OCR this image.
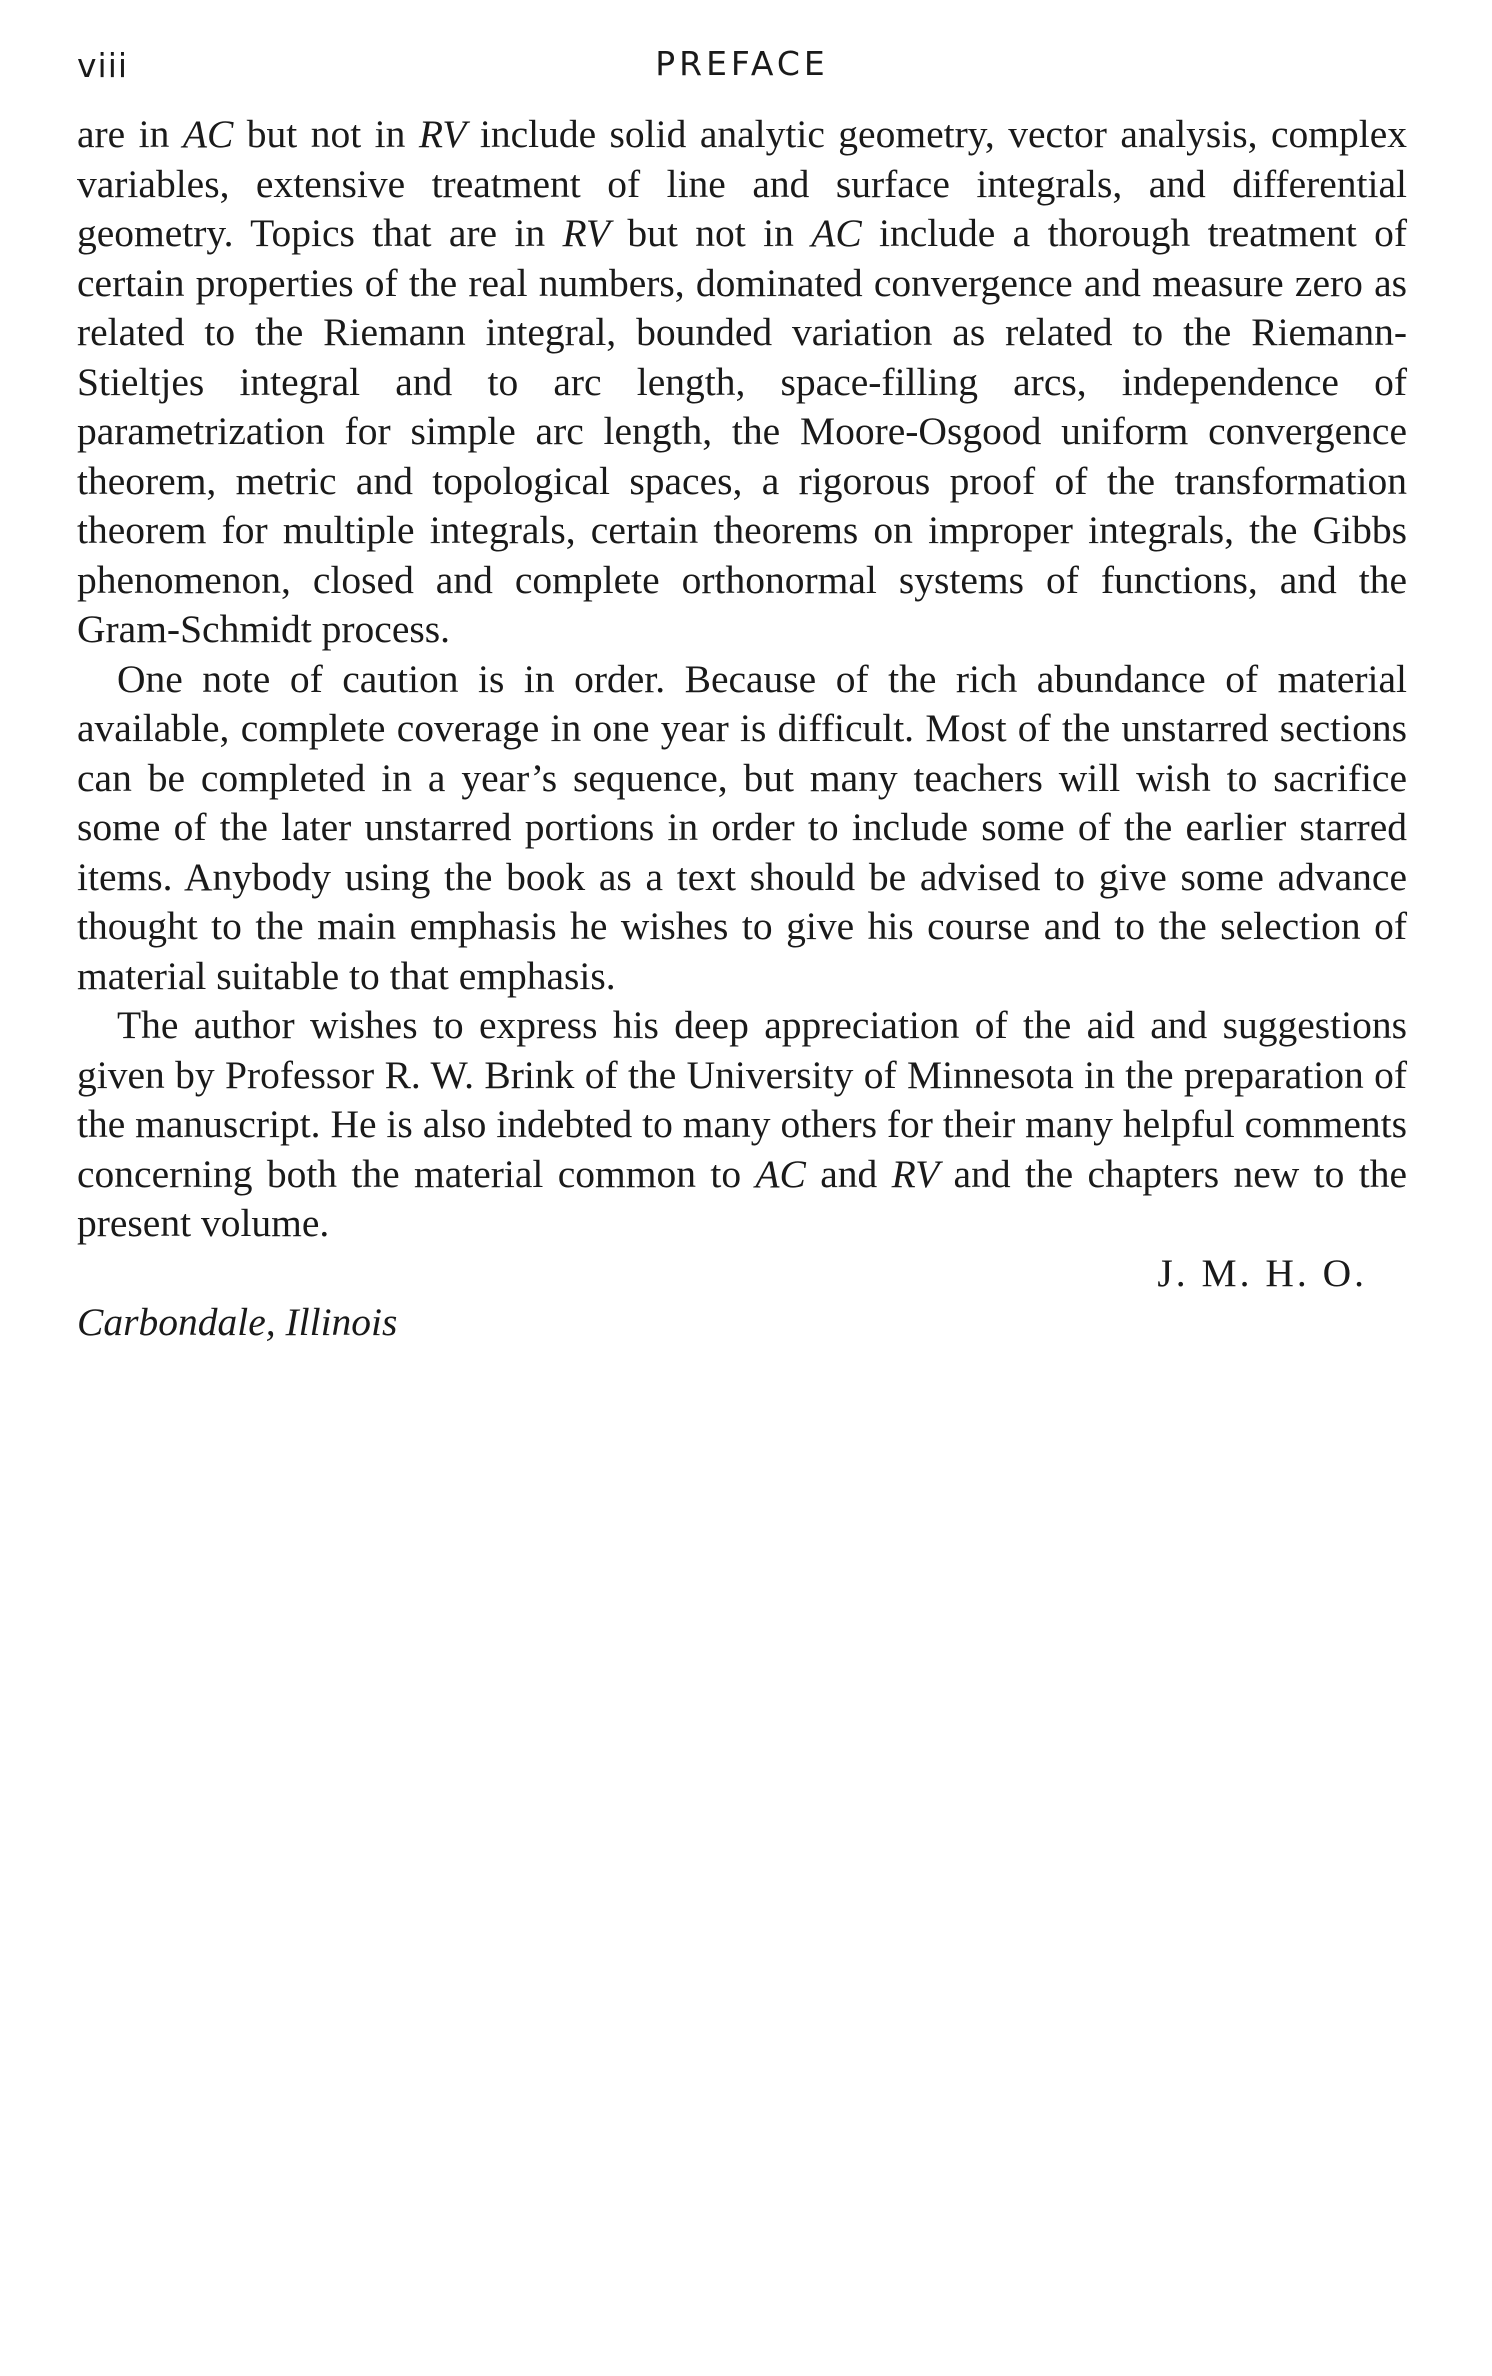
viii	PREFACE

are in AC but not in RV include solid analytic geometry, vector analysis, complex variables, extensive treatment of line and surface integrals, and differential geometry. Topics that are in RV but not in AC include a thorough treatment of certain properties of the real numbers, dominated convergence and measure zero as related to the Riemann integral, bounded variation as related to the Riemann-Stieltjes integral and to arc length, space-filling arcs, independence of parametrization for simple arc length, the Moore-Osgood uniform convergence theorem, metric and topological spaces, a rigorous proof of the transformation theorem for multiple integrals, certain theorems on improper integrals, the Gibbs phenomenon, closed and complete orthonormal systems of functions, and the Gram-Schmidt process.

One note of caution is in order. Because of the rich abundance of material available, complete coverage in one year is difficult. Most of the unstarred sections can be completed in a year’s sequence, but many teachers will wish to sacrifice some of the later unstarred portions in order to include some of the earlier starred items. Anybody using the book as a text should be advised to give some advance thought to the main emphasis he wishes to give his course and to the selection of material suitable to that emphasis.

The author wishes to express his deep appreciation of the aid and suggestions given by Professor R. W. Brink of the University of Minnesota in the preparation of the manuscript. He is also indebted to many others for their many helpful comments concerning both the material common to AC and RV and the chapters new to the present volume.

J. M. H. O.
Carbondale, Illinois
